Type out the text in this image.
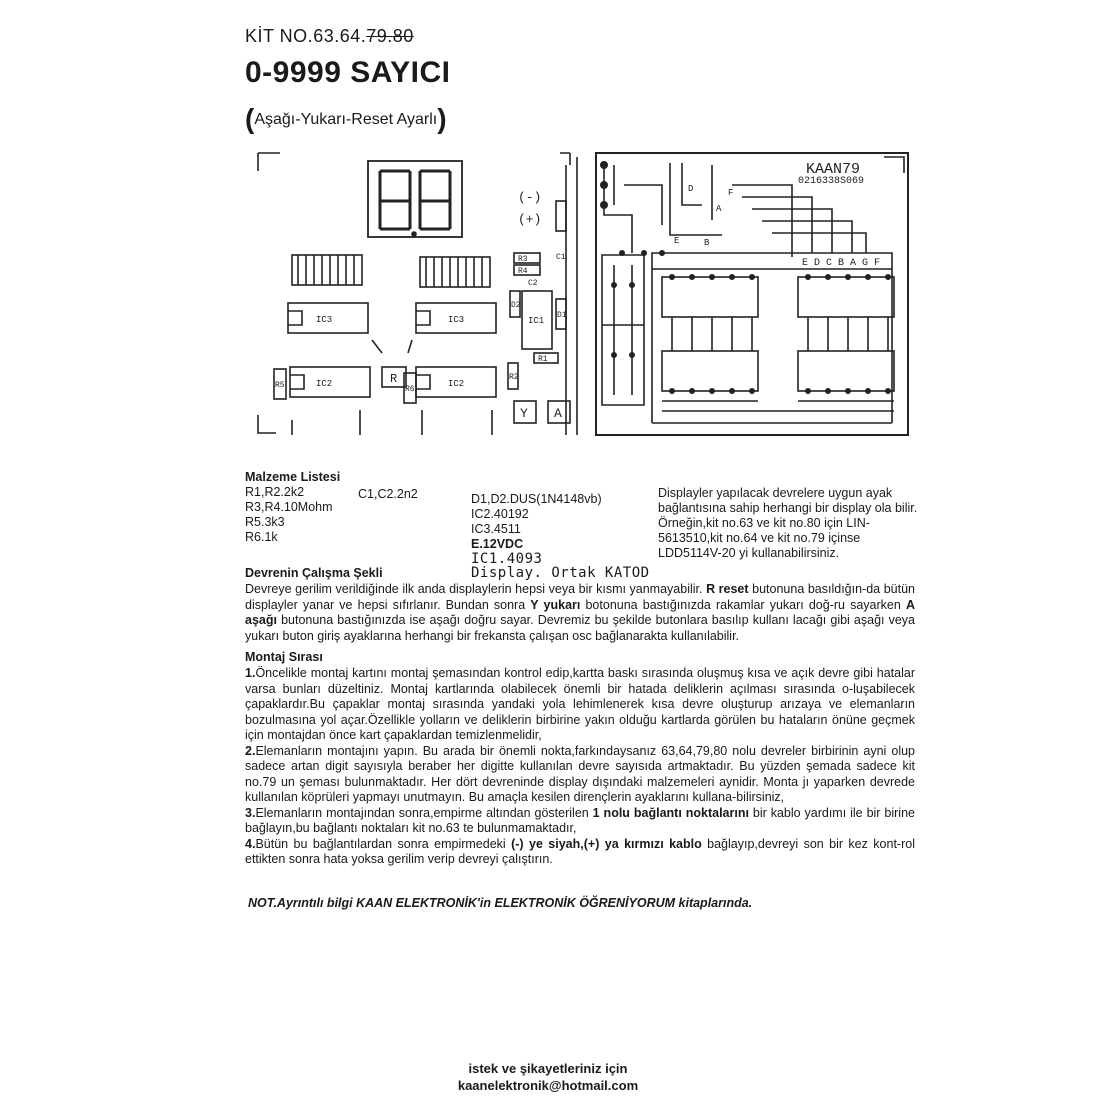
KİT NO.63.64.79.80
0-9999 SAYICI
(Aşağı-Yukarı-Reset Ayarlı)
KAAN79
0216338S069
(-)
(+)
E D C B A G F
D	F
E	B
A
IC3	IC3
IC2	IC2
R
Y A
IC1
R3
R4
R1
R2
C1
C2
D2
D1
R5	R6
Malzeme Listesi
R1,R2.2k2
R3,R4.10Mohm
R5.3k3
R6.1k
C1,C2.2n2	D1,D2.DUS(1N4148vb)
IC2.40192
IC3.4511
E.12VDC
IC1.4093
Display. Ortak KATOD
Displayler yapılacak devrelere uygun ayak bağlantısına sahip herhangi bir display ola bilir. Örneğin,kit no.63 ve kit no.80 için LIN-5613510,kit no.64 ve kit no.79 içinse LDD5114V-20 yi kullanabilirsiniz.
Devrenin Çalışma Şekli
Devreye gerilim verildiğinde ilk anda displaylerin hepsi veya bir kısmı yanmayabilir. R reset butonuna basıldığın-da bütün displayler yanar ve hepsi sıfırlanır. Bundan sonra Y yukarı botonuna bastığınızda rakamlar yukarı doğ-ru sayarken A aşağı butonuna bastığınızda ise aşağı doğru sayar. Devremiz bu şekilde butonlara basılıp kullanı lacağı gibi aşağı veya yukarı buton giriş ayaklarına herhangi bir frekansta çalışan osc bağlanarakta kullanılabilir.
Montaj Sırası
1.Öncelikle montaj kartını montaj şemasından kontrol edip,kartta baskı sırasında oluşmuş kısa ve açık devre gibi hatalar varsa bunları düzeltiniz. Montaj kartlarında olabilecek önemli bir hatada deliklerin açılması sırasında o-luşabilecek çapaklardır.Bu çapaklar montaj sırasında yandaki yola lehimlenerek kısa devre oluşturup arızaya ve elemanların bozulmasına yol açar.Özellikle yolların ve deliklerin birbirine yakın olduğu kartlarda görülen bu hataların önüne geçmek için montajdan önce kart çapaklardan temizlenmelidir,
2.Elemanların montajını yapın. Bu arada bir önemli nokta,farkındaysanız 63,64,79,80 nolu devreler birbirinin ayni olup sadece artan digit sayısıyla beraber her digitte kullanılan devre sayısıda artmaktadır. Bu yüzden şemada sadece kit no.79 un şeması bulunmaktadır. Her dört devreninde display dışındaki malzemeleri aynidir. Monta jı yaparken devrede kullanılan köprüleri yapmayı unutmayın. Bu amaçla kesilen dirençlerin ayaklarını kullana-bilirsiniz,
3.Elemanların montajından sonra,empirme altından gösterilen 1 nolu bağlantı noktalarını bir kablo yardımı ile bir birine bağlayın,bu bağlantı noktaları kit no.63 te bulunmamaktadır,
4.Bütün bu bağlantılardan sonra empirmedeki (-) ye siyah,(+) ya kırmızı kablo bağlayıp,devreyi son bir kez kont-rol ettikten sonra hata yoksa gerilim verip devreyi çalıştırın.
NOT.Ayrıntılı bilgi KAAN ELEKTRONİK'in ELEKTRONİK ÖĞRENİYORUM kitaplarında.
istek ve şikayetleriniz için
kaanelektronik@hotmail.com
